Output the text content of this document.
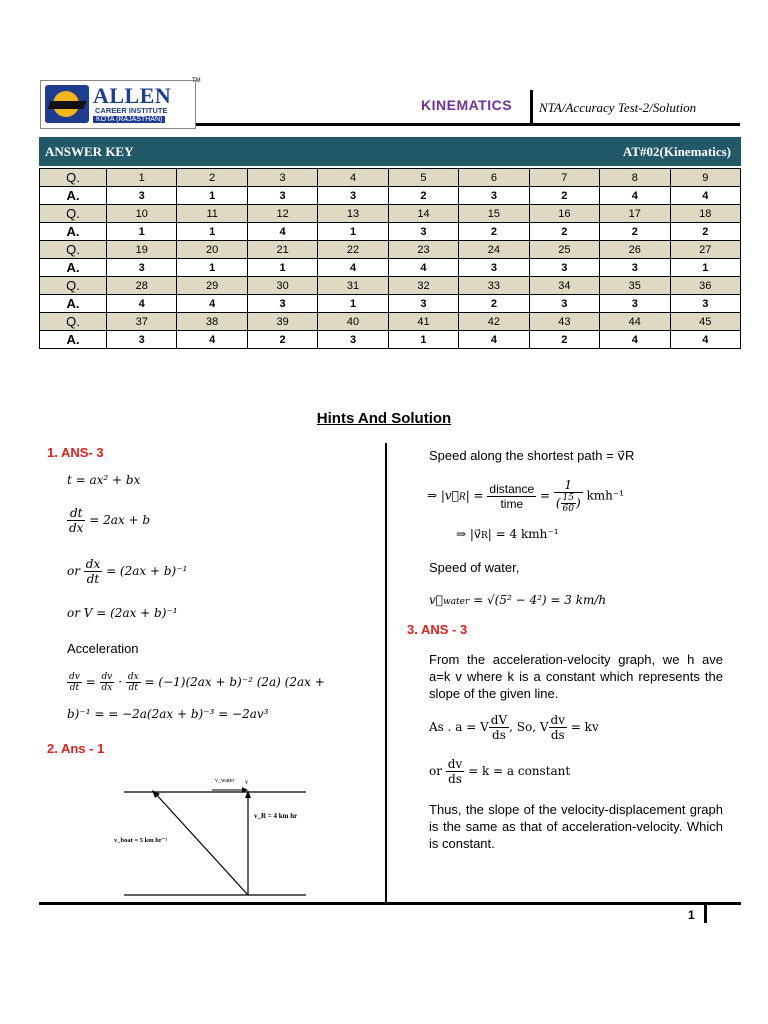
ALLEN
CAREER INSTITUTE
KOTA (RAJASTHAN)
path to success
TM
KINEMATICS NTA/Accuracy Test-2/Solution
ANSWER KEY	AT#02(Kinematics)
Q.	1	2	3	4	5	6	7	8	9
A.	3	1	3	3	2	3	2	4	4
Q.	10	11	12	13	14	15	16	17	18
A.	1	1	4	1	3	2	2	2	2
Q.	19	20	21	22	23	24	25	26	27
A.	3	1	1	4	4	3	3	3	1
Q.	28	29	30	31	32	33	34	35	36
A.	4	4	3	1	3	2	3	3	3
Q.	37	38	39	40	41	42	43	44	45
A.	3	4	2	3	1	4	2	4	4
Hints And Solution
1. ANS- 3
t = ax² + bx
$\frac{dt}{dx} = 2ax + b$
or $\frac{dx}{dt} = (2ax + b)^{-1}$
or V = (2ax + b)⁻¹
Acceleration
$\frac{dv}{dt} = \frac{dv}{dx} \cdot \frac{dx}{dt} = (-1)(2ax + b)^{-2}$ (2a) (2ax +
b)⁻¹ = = −2a(2ax + b)⁻³ = −2av³
2. Ans - 1
v_water v
v_R = 4 km hr
v_boat = 5 km hr⁻¹
Speed along the shortest path = v⃗R
⇒ |v⃗R| = $\frac{\text{distance}}{\text{time}} = \frac{1}{( \frac{15}{60} )} kmh^{-1}$
⇒ |v⃗R| = 4 kmh⁻¹
Speed of water,
v⃗water = √(5² − 4²) = 3 km/h
3. ANS - 3
From the acceleration-velocity graph, we h ave a=k v where k is a constant which represents the slope of the given line.
As . a = V $\frac{dV}{ds}$ , So, V $\frac{dv}{ds}$ = kv
or $\frac{dv}{ds} = k = a$ constant
Thus, the slope of the velocity-displacement graph is the same as that of acceleration-velocity. Which is constant.
1
